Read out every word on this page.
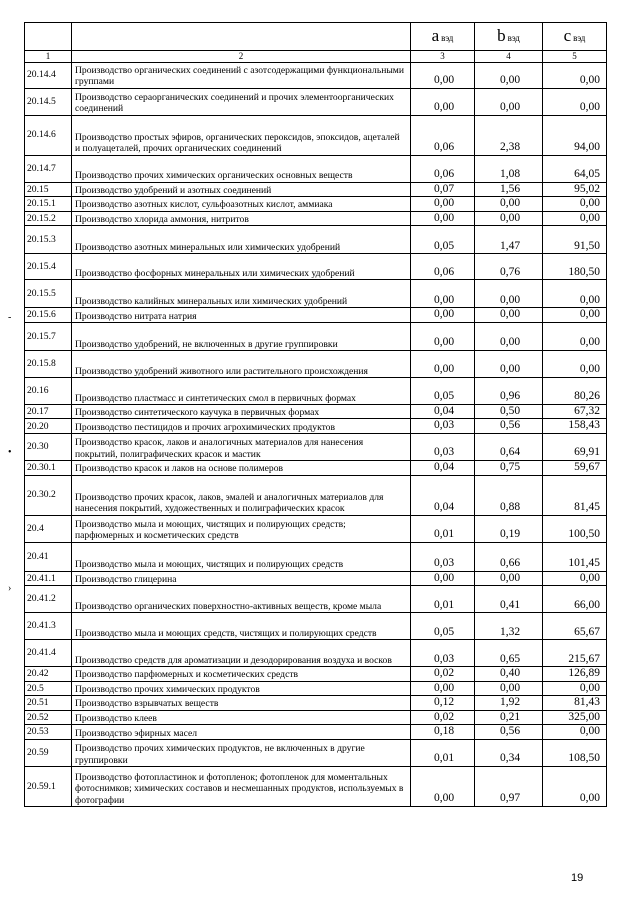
		a вэд	b вэд	c вэд
1	2	3	4	5
20.14.4	Производство органических соединений с азотсодержащими функциональными группами	0,00	0,00	0,00
20.14.5	Производство сераорганических соединений и прочих элементоорганических соединений	0,00	0,00	0,00
20.14.6	Производство простых эфиров, органических пероксидов, эпоксидов, ацеталей и полуацеталей, прочих органических соединений	0,06	2,38	94,00
20.14.7	Производство прочих химических органических основных веществ	0,06	1,08	64,05
20.15	Производство удобрений и азотных соединений	0,07	1,56	95,02
20.15.1	Производство азотных кислот, сульфоазотных кислот, аммиака	0,00	0,00	0,00
20.15.2	Производство хлорида аммония, нитритов	0,00	0,00	0,00
20.15.3	Производство азотных минеральных или химических удобрений	0,05	1,47	91,50
20.15.4	Производство фосфорных минеральных или химических удобрений	0,06	0,76	180,50
20.15.5	Производство калийных минеральных или химических удобрений	0,00	0,00	0,00
20.15.6	Производство нитрата натрия	0,00	0,00	0,00
20.15.7	Производство удобрений, не включенных в другие группировки	0,00	0,00	0,00
20.15.8	Производство удобрений животного или растительного происхождения	0,00	0,00	0,00
20.16	Производство пластмасс и синтетических смол в первичных формах	0,05	0,96	80,26
20.17	Производство синтетического каучука в первичных формах	0,04	0,50	67,32
20.20	Производство пестицидов и прочих агрохимических продуктов	0,03	0,56	158,43
20.30	Производство красок, лаков и аналогичных материалов для нанесения покрытий, полиграфических красок и мастик	0,03	0,64	69,91
20.30.1	Производство красок и лаков на основе полимеров	0,04	0,75	59,67
20.30.2	Производство прочих красок, лаков, эмалей и аналогичных материалов для нанесения покрытий, художественных и полиграфических красок	0,04	0,88	81,45
20.4	Производство мыла и моющих, чистящих и полирующих средств; парфюмерных и косметических средств	0,01	0,19	100,50
20.41	Производство мыла и моющих, чистящих и полирующих средств	0,03	0,66	101,45
20.41.1	Производство глицерина	0,00	0,00	0,00
20.41.2	Производство органических поверхностно-активных веществ, кроме мыла	0,01	0,41	66,00
20.41.3	Производство мыла и моющих средств, чистящих и полирующих средств	0,05	1,32	65,67
20.41.4	Производство средств для ароматизации и дезодорирования воздуха и восков	0,03	0,65	215,67
20.42	Производство парфюмерных и косметических средств	0,02	0,40	126,89
20.5	Производство прочих химических продуктов	0,00	0,00	0,00
20.51	Производство взрывчатых веществ	0,12	1,92	81,43
20.52	Производство клеев	0,02	0,21	325,00
20.53	Производство эфирных масел	0,18	0,56	0,00
20.59	Производство прочих химических продуктов, не включенных в другие группировки	0,01	0,34	108,50
20.59.1	Производство фотопластинок и фотопленок; фотопленок для моментальных фотоснимков; химических составов и несмешанных продуктов, используемых в фотографии	0,00	0,97	0,00
-
•
›
19
